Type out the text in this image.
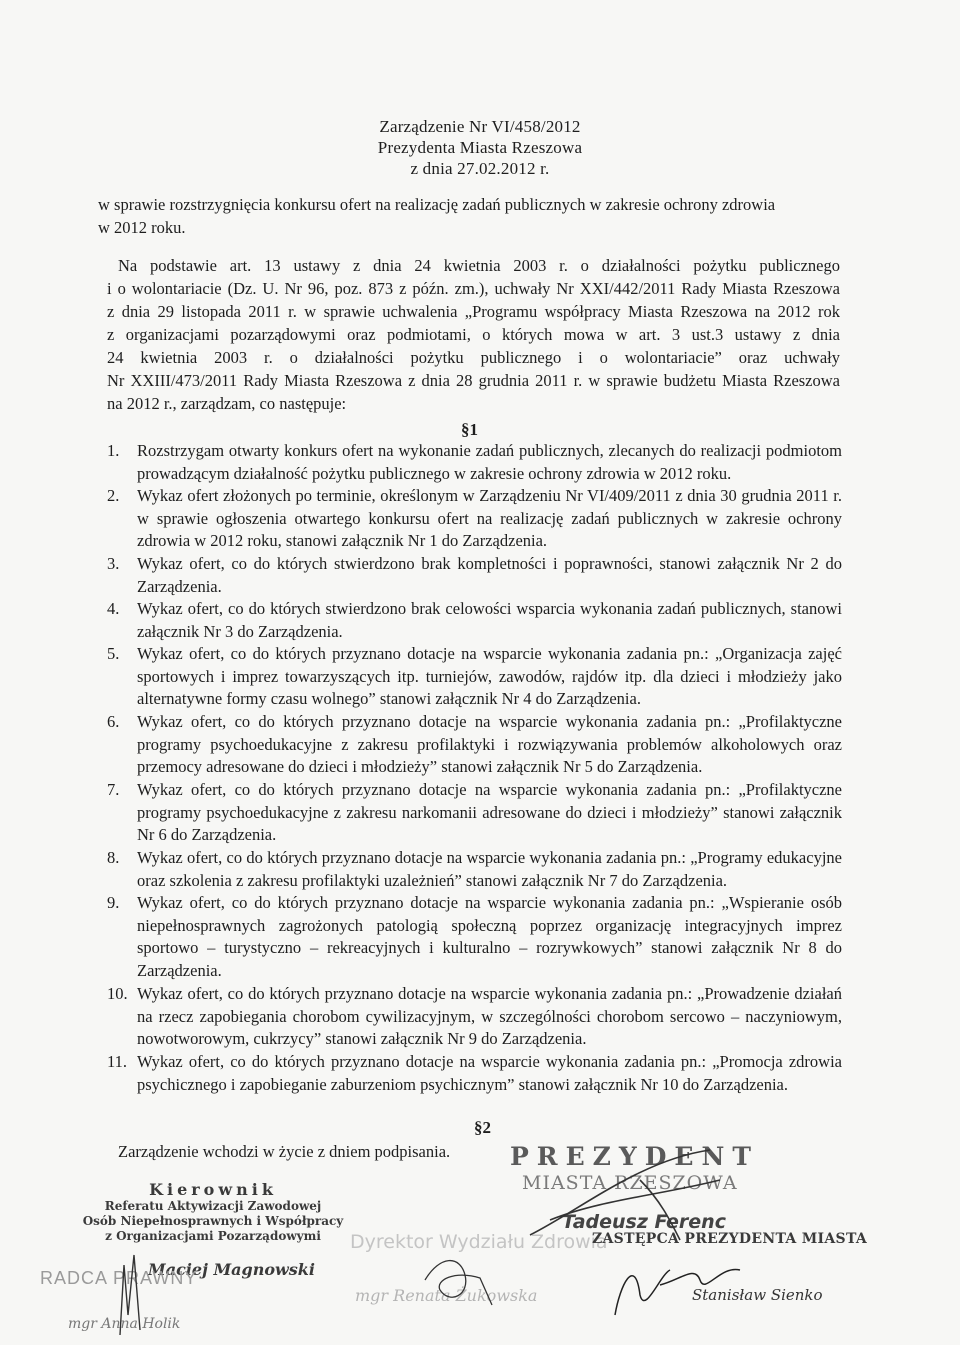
Zarządzenie Nr VI/458/2012
Prezydenta Miasta Rzeszowa
z dnia 27.02.2012 r.
w sprawie rozstrzygnięcia konkursu ofert na realizację zadań publicznych w zakresie ochrony zdrowia
w 2012 roku.
Na podstawie art. 13 ustawy z dnia 24 kwietnia 2003 r. o działalności pożytku publicznego
i o wolontariacie (Dz. U. Nr 96, poz. 873 z późn. zm.), uchwały Nr XXI/442/2011 Rady Miasta Rzeszowa
z dnia 29 listopada 2011 r. w sprawie uchwalenia „Programu współpracy Miasta Rzeszowa na 2012 rok
z organizacjami pozarządowymi oraz podmiotami, o których mowa w art. 3 ust.3 ustawy z dnia
24 kwietnia 2003 r. o działalności pożytku publicznego i o wolontariacie” oraz uchwały
Nr XXIII/473/2011 Rady Miasta Rzeszowa z dnia 28 grudnia 2011 r. w sprawie budżetu Miasta Rzeszowa
na 2012 r., zarządzam, co następuje:
§1
1.	Rozstrzygam otwarty konkurs ofert na wykonanie zadań publicznych, zlecanych do realizacji podmiotom prowadzącym działalność pożytku publicznego w zakresie ochrony zdrowia w 2012 roku.
2.	Wykaz ofert złożonych po terminie, określonym w Zarządzeniu Nr VI/409/2011 z dnia 30 grudnia 2011 r. w sprawie ogłoszenia otwartego konkursu ofert na realizację zadań publicznych w zakresie ochrony zdrowia w 2012 roku, stanowi załącznik Nr 1 do Zarządzenia.
3.	Wykaz ofert, co do których stwierdzono brak kompletności i poprawności, stanowi załącznik Nr 2 do Zarządzenia.
4.	Wykaz ofert, co do których stwierdzono brak celowości wsparcia wykonania zadań publicznych, stanowi załącznik Nr 3 do Zarządzenia.
5.	Wykaz ofert, co do których przyznano dotacje na wsparcie wykonania zadania pn.: „Organizacja zajęć sportowych i imprez towarzyszących itp. turniejów, zawodów, rajdów itp. dla dzieci i młodzieży jako alternatywne formy czasu wolnego” stanowi załącznik Nr 4 do Zarządzenia.
6.	Wykaz ofert, co do których przyznano dotacje na wsparcie wykonania zadania pn.: „Profilaktyczne programy psychoedukacyjne z zakresu profilaktyki i rozwiązywania problemów alkoholowych oraz przemocy adresowane do dzieci i młodzieży” stanowi załącznik Nr 5 do Zarządzenia.
7.	Wykaz ofert, co do których przyznano dotacje na wsparcie wykonania zadania pn.: „Profilaktyczne programy psychoedukacyjne z zakresu narkomanii adresowane do dzieci i młodzieży” stanowi załącznik Nr 6 do Zarządzenia.
8.	Wykaz ofert, co do których przyznano dotacje na wsparcie wykonania zadania pn.: „Programy edukacyjne oraz szkolenia z zakresu profilaktyki uzależnień” stanowi załącznik Nr 7 do Zarządzenia.
9.	Wykaz ofert, co do których przyznano dotacje na wsparcie wykonania zadania pn.: „Wspieranie osób niepełnosprawnych zagrożonych patologią społeczną poprzez organizację integracyjnych imprez sportowo – turystyczno – rekreacyjnych i kulturalno – rozrywkowych” stanowi załącznik Nr 8 do Zarządzenia.
10. Wykaz ofert, co do których przyznano dotacje na wsparcie wykonania zadania pn.: „Prowadzenie działań na rzecz zapobiegania chorobom cywilizacyjnym, w szczególności chorobom sercowo – naczyniowym, nowotworowym, cukrzycy” stanowi załącznik Nr 9 do Zarządzenia.
11. Wykaz ofert, co do których przyznano dotacje na wsparcie wykonania zadania pn.: „Promocja zdrowia psychicznego i zapobieganie zaburzeniom psychicznym” stanowi załącznik Nr 10 do Zarządzenia.
§2
Zarządzenie wchodzi w życie z dniem podpisania. PREZYDENT
MIASTA RZESZOWA
Tadeusz Ferenc
Kierownik
Referatu Aktywizacji Zawodowej
Osób Niepełnosprawnych i Współpracy
z Organizacjami Pozarządowymi
Maciej Magnowski
RADCA PRAWNY
mgr Anna Holik
Dyrektor Wydziału Zdrowia
mgr Renata Żukowska
ZASTĘPCA PREZYDENTA MIASTA
Stanisław Sienko
